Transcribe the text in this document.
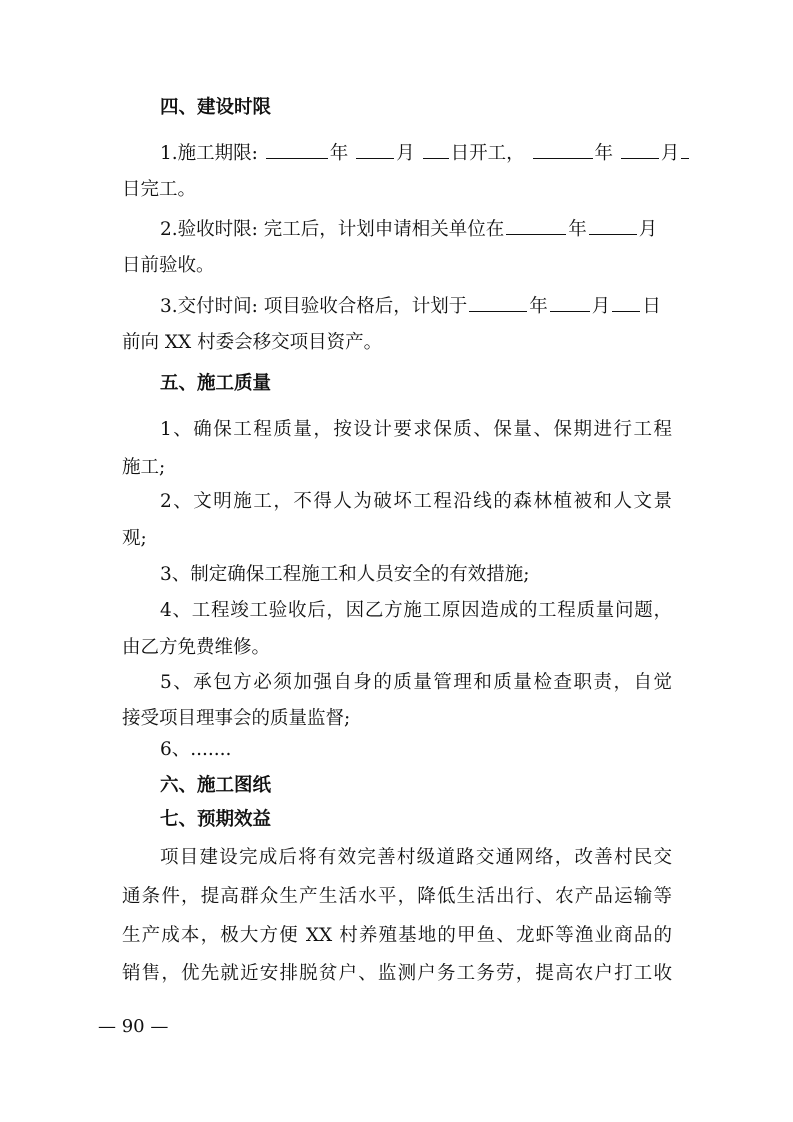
四、建设时限
1.施工期限:	年	月 日开工，	年	月
日完工。
2.验收时限: 完工后，计划申请相关单位在	年	月
日前验收。
3.交付时间: 项目验收合格后，计划于	年 月 日
前向 XX 村委会移交项目资产。
五、施工质量
1、确保工程质量，按设计要求保质、保量、保期进行工程
施工;
2、文明施工，不得人为破坏工程沿线的森林植被和人文景
观;
3、制定确保工程施工和人员安全的有效措施;
4、工程竣工验收后，因乙方施工原因造成的工程质量问题，
由乙方免费维修。
5、承包方必须加强自身的质量管理和质量检查职责，自觉
接受项目理事会的质量监督;
6、.......
六、施工图纸
七、预期效益
项目建设完成后将有效完善村级道路交通网络，改善村民交
通条件，提高群众生产生活水平，降低生活出行、农产品运输等
生产成本，极大方便 XX 村养殖基地的甲鱼、龙虾等渔业商品的
销售，优先就近安排脱贫户、监测户务工务劳，提高农户打工收
— 90 —
